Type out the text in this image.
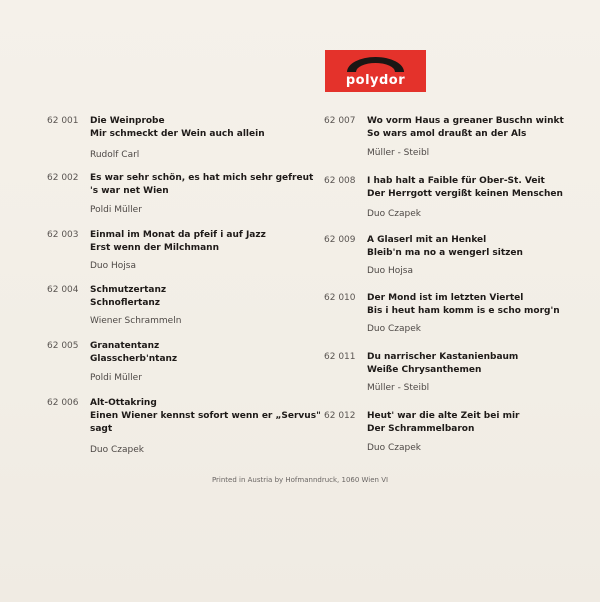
polydor
62 001 Die Weinprobe
Mir schmeckt der Wein auch allein
Rudolf Carl
62 002 Es war sehr schön, es hat mich sehr gefreut
's war net Wien
Poldi Müller
62 003 Einmal im Monat da pfeif i auf Jazz
Erst wenn der Milchmann
Duo Hojsa
62 004 Schmutzertanz
Schnoflertanz
Wiener Schrammeln
62 005 Granatentanz
Glasscherb'ntanz
Poldi Müller
62 006 Alt-Ottakring
Einen Wiener kennst sofort wenn er „Servus"
sagt
Duo Czapek
62 007 Wo vorm Haus a greaner Buschn winkt
So wars amol draußt an der Als
Müller - Steibl
62 008 I hab halt a Faible für Ober-St. Veit
Der Herrgott vergißt keinen Menschen
Duo Czapek
62 009 A Glaserl mit an Henkel
Bleib'n ma no a wengerl sitzen
Duo Hojsa
62 010 Der Mond ist im letzten Viertel
Bis i heut ham komm is e scho morg'n
Duo Czapek
62 011 Du narrischer Kastanienbaum
Weiße Chrysanthemen
Müller - Steibl
62 012 Heut' war die alte Zeit bei mir
Der Schrammelbaron
Duo Czapek
Printed in Austria by Hofmanndruck, 1060 Wien VI
